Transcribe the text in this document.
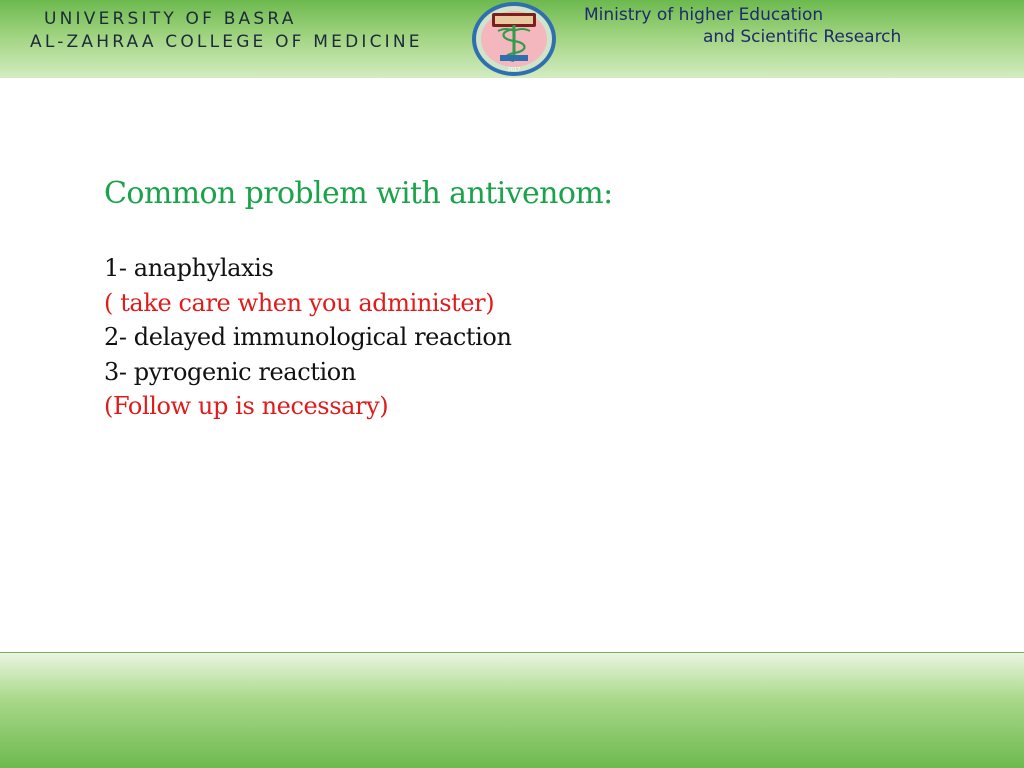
UNIVERSITY OF BASRA
AL-ZAHRAA COLLEGE OF MEDICINE
2017
Ministry of higher Education
and Scientific Research
Common problem with antivenom:
1- anaphylaxis
( take care when you administer)
2- delayed immunological reaction
3- pyrogenic reaction
(Follow up is necessary)
